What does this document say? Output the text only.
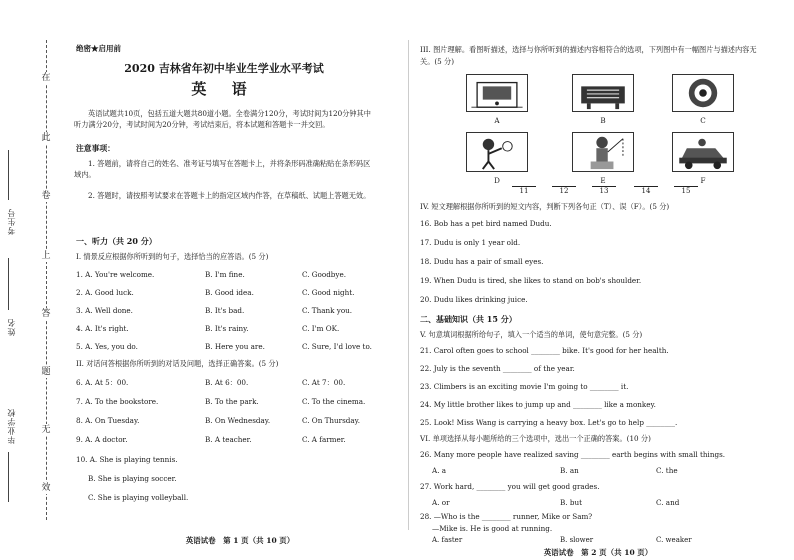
在
此
卷
上
答
题
无
效
考生号
姓名
毕业学校
绝密★启用前
2020 吉林省年初中毕业生学业水平考试
英 语
英语试题共10页，包括五道大题共80道小题。全卷满分120分，考试时间为120分钟其中听力满分20分，考试时间为20分钟，考试结束后，将本试题和答题卡一并交回。
注意事项：
1. 答题前，请将自己的姓名、准考证号填写在答题卡上，并将条形码准确粘贴在条形码区域内。
2. 答题时，请按照考试要求在答题卡上的指定区域内作答，在草稿纸、试题上答题无效。
一、听力（共 20 分）
I. 情景反应根据你所听到的句子，选择恰当的应答语。(5 分)
1. A. You're welcome.	B. I'm fine.	C. Goodbye.
2. A. Good luck.	B. Good idea.	C. Good night.
3. A. Well done.	B. It's bad.	C. Thank you.
4. A. It's right.	B. It's rainy.	C. I'm OK.
5. A. Yes, you do.	B. Here you are.	C. Sure, I'd love to.
II. 对话问答根据你所听到的对话及问题，选择正确答案。(5 分)
6. A. At 5：00.	B. At 6：00.	C. At 7：00.
7. A. To the bookstore.	B. To the park.	C. To the cinema.
8. A. On Tuesday.	B. On Wednesday.	C. On Thursday.
9. A. A doctor.	B. A teacher.	C. A farmer.
10. A. She is playing tennis.
B. She is playing soccer.
C. She is playing volleyball.
英语试卷　第 1 页（共 10 页）
III. 图片理解。看图听描述，选择与你所听到的描述内容相符合的选项，下列图中有一幅图片与描述内容无关。(5 分)
A	B	C
D	E	F
11	12	13	14	15
IV. 短文理解根据你所听到的短文内容，判断下列各句正（T）、误（F）。(5 分)
16. Bob has a pet bird named Dudu.
17. Dudu is only 1 year old.
18. Dudu has a pair of small eyes.
19. When Dudu is tired, she likes to stand on bob's shoulder.
20. Dudu likes drinking juice.
二、基础知识（共 15 分）
V. 句意填词根据所给句子，填入一个适当的单词，使句意完整。(5 分)
21. Carol often goes to school ________ bike. It's good for her health.
22. July is the seventh ________ of the year.
23. Climbers is an exciting movie I'm going to ________ it.
24. My little brother likes to jump up and ________ like a monkey.
25. Look! Miss Wang is carrying a heavy box. Let's go to help ________.
VI. 单项选择从每小题所给的三个选项中，选出一个正确的答案。(10 分)
26. Many more people have realized saving ________ earth begins with small things.
A. a	B. an	C. the
27. Work hard, ________ you will get good grades.
A. or	B. but	C. and
28. —Who is the ________ runner, Mike or Sam?
—Mike is. He is good at running.
A. faster	B. slower	C. weaker
英语试卷　第 2 页（共 10 页）
